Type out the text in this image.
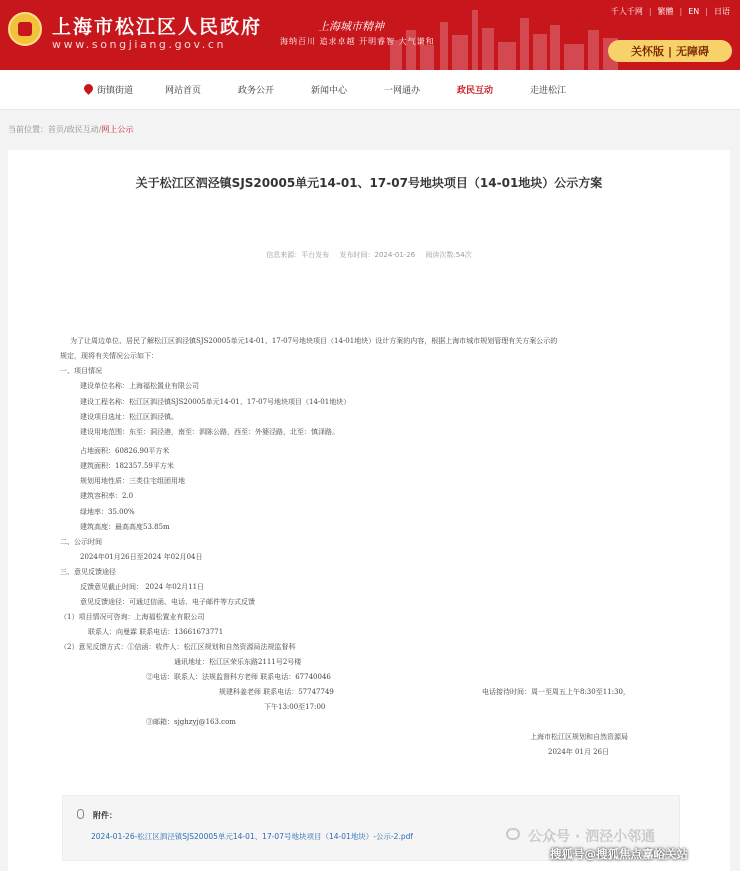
上海市松江区人民政府
www.songjiang.gov.cn
上海城市精神
海纳百川 追求卓越 开明睿智 大气谦和
千人千网 | 繁體 | EN | 日语
关怀版 | 无障碍
街镇街道	网站首页	政务公开	新闻中心	一网通办	政民互动	走进松江
当前位置：首页/政民互动/网上公示
关于松江区泗泾镇SJS20005单元14-01、17-07号地块项目（14-01地块）公示方案
信息来源：平台发布 发布时间：2024-01-26 阅读次数:54次
为了让周边单位、居民了解松江区泗泾镇SJS20005单元14-01、17-07号地块项目（14-01地块）设计方案的内容，根据上海市城市规划管理有关方案公示的
规定，现将有关情况公示如下：
一、项目情况
建设单位名称：上海福松置业有限公司
建设工程名称：松江区泗泾镇SJS20005单元14-01、17-07号地块项目（14-01地块）
建设项目选址：松江区泗泾镇。
建设用地范围：东至：洞泾港，南至：泗陈公路，西至：外婆泾路，北至：慎泽路。
占地面积：60826.90平方米
建筑面积：182357.59平方米
规划用地性质：三类住宅组团用地
建筑容积率：2.0
绿地率：35.00%
建筑高度：最高高度53.85m
二、公示时间
2024年01月26日至2024 年02月04日
三、意见反馈途径
反馈意见截止时间： 2024 年02月11日
意见反馈途径：可通过信函、电话、电子邮件等方式反馈
（1）项目情况可咨询：上海福松置业有限公司
联系人：向曼霖 联系电话：13661673771
（2）意见反馈方式：①信函：收件人：松江区规划和自然资源局法规监督科
通讯地址：松江区荣乐东路2111号2号楼
②电话：联系人：法规监督科方老师 联系电话：67740046
规建科姜老师 联系电话：57747749	电话接待时间：周一至周五上午8:30至11:30，
下午13:00至17:00
③邮箱：sjghzyj@163.com
上海市松江区规划和自然资源局
2024年 01月 26日
附件：
2024-01-26-松江区泗泾镇SJS20005单元14-01、17-07号地块项目（14-01地块）-公示-2.pdf	公众号 · 泗泾小邻通
搜狐号@搜狐焦点嘉峪关站
